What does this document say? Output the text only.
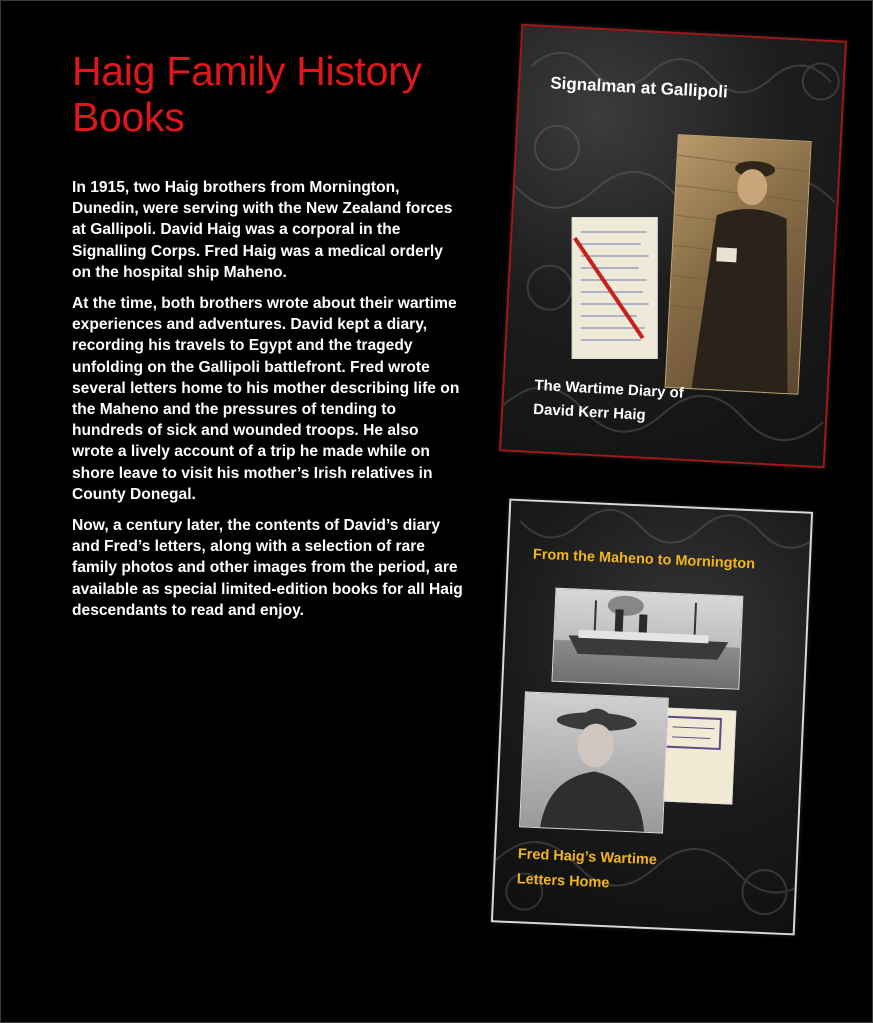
Haig Family History Books

In 1915, two Haig brothers from Mornington, Dunedin, were serving with the New Zealand forces at Gallipoli. David Haig was a corporal in the Signalling Corps. Fred Haig was a medical orderly on the hospital ship Maheno.

At the time, both brothers wrote about their wartime experiences and adventures. David kept a diary, recording his travels to Egypt and the tragedy unfolding on the Gallipoli battlefront. Fred wrote several letters home to his mother describing life on the Maheno and the pressures of tending to hundreds of sick and wounded troops. He also wrote a lively account of a trip he made while on shore leave to visit his mother’s Irish relatives in County Donegal.

Now, a century later, the contents of David’s diary and Fred’s letters, along with a selection of rare family photos and other images from the period, are available as special limited-edition books for all Haig descendants to read and enjoy.

Signalman at Gallipoli
The Wartime Diary of
David Kerr Haig
From the Maheno to Mornington
Fred Haig’s Wartime
Letters Home
